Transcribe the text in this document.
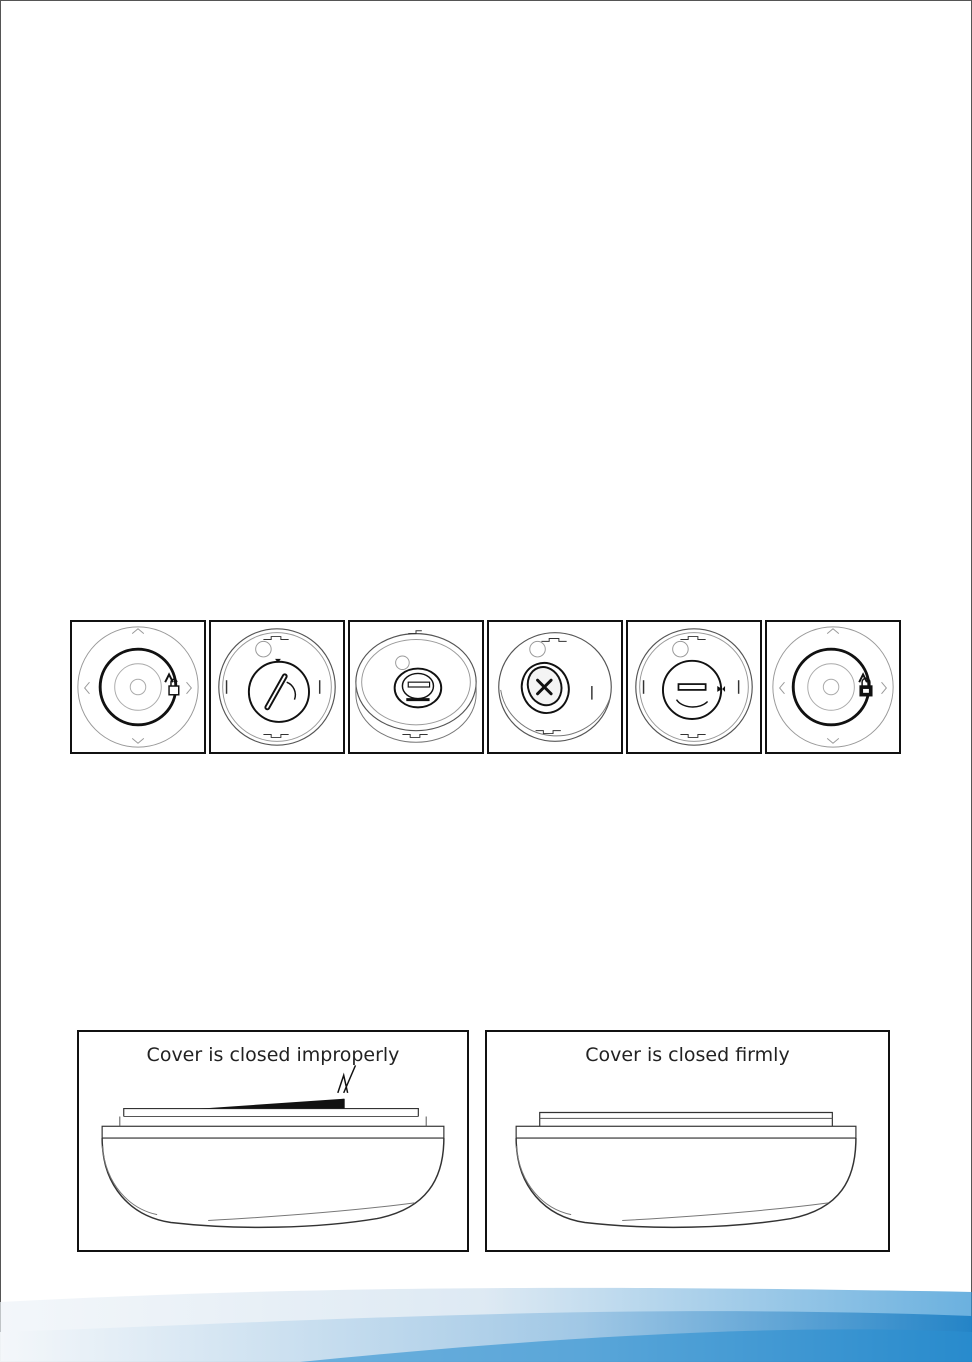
Cover is closed improperly	Cover is closed firmly
